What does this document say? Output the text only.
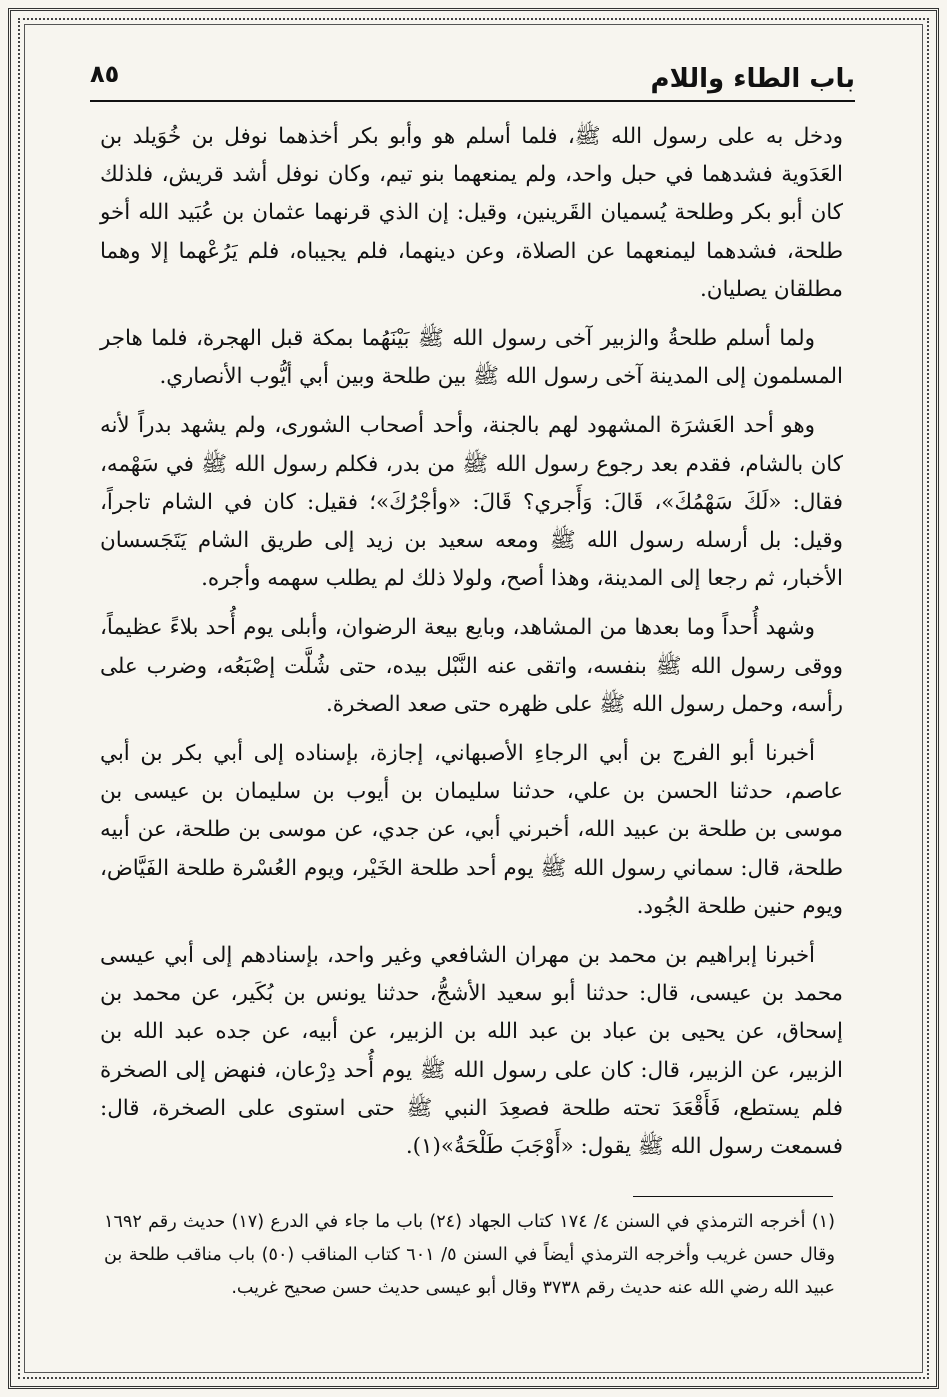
باب الطاء واللام
٨٥

ودخل به على رسول الله ﷺ، فلما أسلم هو وأبو بكر أخذهما نوفل بن خُوَيلد بن العَدَوية فشدهما في حبل واحد، ولم يمنعهما بنو تيم، وكان نوفل أشد قريش، فلذلك كان أبو بكر وطلحة يُسميان القَرينين، وقيل: إن الذي قرنهما عثمان بن عُبَيد الله أخو طلحة، فشدهما ليمنعهما عن الصلاة، وعن دينهما، فلم يجيباه، فلم يَرُعْهما إلا وهما مطلقان يصليان.

ولما أسلم طلحةُ والزبير آخى رسول الله ﷺ بَيْنَهُما بمكة قبل الهجرة، فلما هاجر المسلمون إلى المدينة آخى رسول الله ﷺ بين طلحة وبين أبي أيُّوب الأنصاري.

وهو أحد العَشرَة المشهود لهم بالجنة، وأحد أصحاب الشورى، ولم يشهد بدراً لأنه كان بالشام، فقدم بعد رجوع رسول الله ﷺ من بدر، فكلم رسول الله ﷺ في سَهْمه، فقال: «لَكَ سَهْمُكَ»، قَالَ: وَأَجري؟ قَالَ: «وأجْرُكَ»؛ فقيل: كان في الشام تاجراً، وقيل: بل أرسله رسول الله ﷺ ومعه سعيد بن زيد إلى طريق الشام يَتَجَسسان الأخبار، ثم رجعا إلى المدينة، وهذا أصح، ولولا ذلك لم يطلب سهمه وأجره.

وشهد أُحداً وما بعدها من المشاهد، وبايع بيعة الرضوان، وأبلى يوم أُحد بلاءً عظيماً، ووقى رسول الله ﷺ بنفسه، واتقى عنه النَّبْل بيده، حتى شُلَّت إصْبَعُه، وضرب على رأسه، وحمل رسول الله ﷺ على ظهره حتى صعد الصخرة.

أخبرنا أبو الفرج بن أبي الرجاءِ الأصبهاني، إجازة، بإسناده إلى أبي بكر بن أبي عاصم، حدثنا الحسن بن علي، حدثنا سليمان بن أيوب بن سليمان بن عيسى بن موسى بن طلحة بن عبيد الله، أخبرني أبي، عن جدي، عن موسى بن طلحة، عن أبيه طلحة، قال: سماني رسول الله ﷺ يوم أحد طلحة الخَيْر، ويوم العُسْرة طلحة الفَيَّاض، ويوم حنين طلحة الجُود.

أخبرنا إبراهيم بن محمد بن مهران الشافعي وغير واحد، بإسنادهم إلى أبي عيسى محمد بن عيسى، قال: حدثنا أبو سعيد الأشجُّ، حدثنا يونس بن بُكَير، عن محمد بن إسحاق، عن يحيى بن عباد بن عبد الله بن الزبير، عن أبيه، عن جده عبد الله بن الزبير، عن الزبير، قال: كان على رسول الله ﷺ يوم أُحد دِرْعان، فنهض إلى الصخرة فلم يستطع، فَأَقْعَدَ تحته طلحة فصعِدَ النبي ﷺ حتى استوى على الصخرة، قال: فسمعت رسول الله ﷺ يقول: «أَوْجَبَ طَلْحَةُ»(١).

(١) أخرجه الترمذي في السنن ٤/ ١٧٤ كتاب الجهاد (٢٤) باب ما جاء في الدرع (١٧) حديث رقم ١٦٩٢ وقال حسن غريب وأخرجه الترمذي أيضاً في السنن ٥/ ٦٠١ كتاب المناقب (٥٠) باب مناقب طلحة بن عبيد الله رضي الله عنه حديث رقم ٣٧٣٨ وقال أبو عيسى حديث حسن صحيح غريب.
